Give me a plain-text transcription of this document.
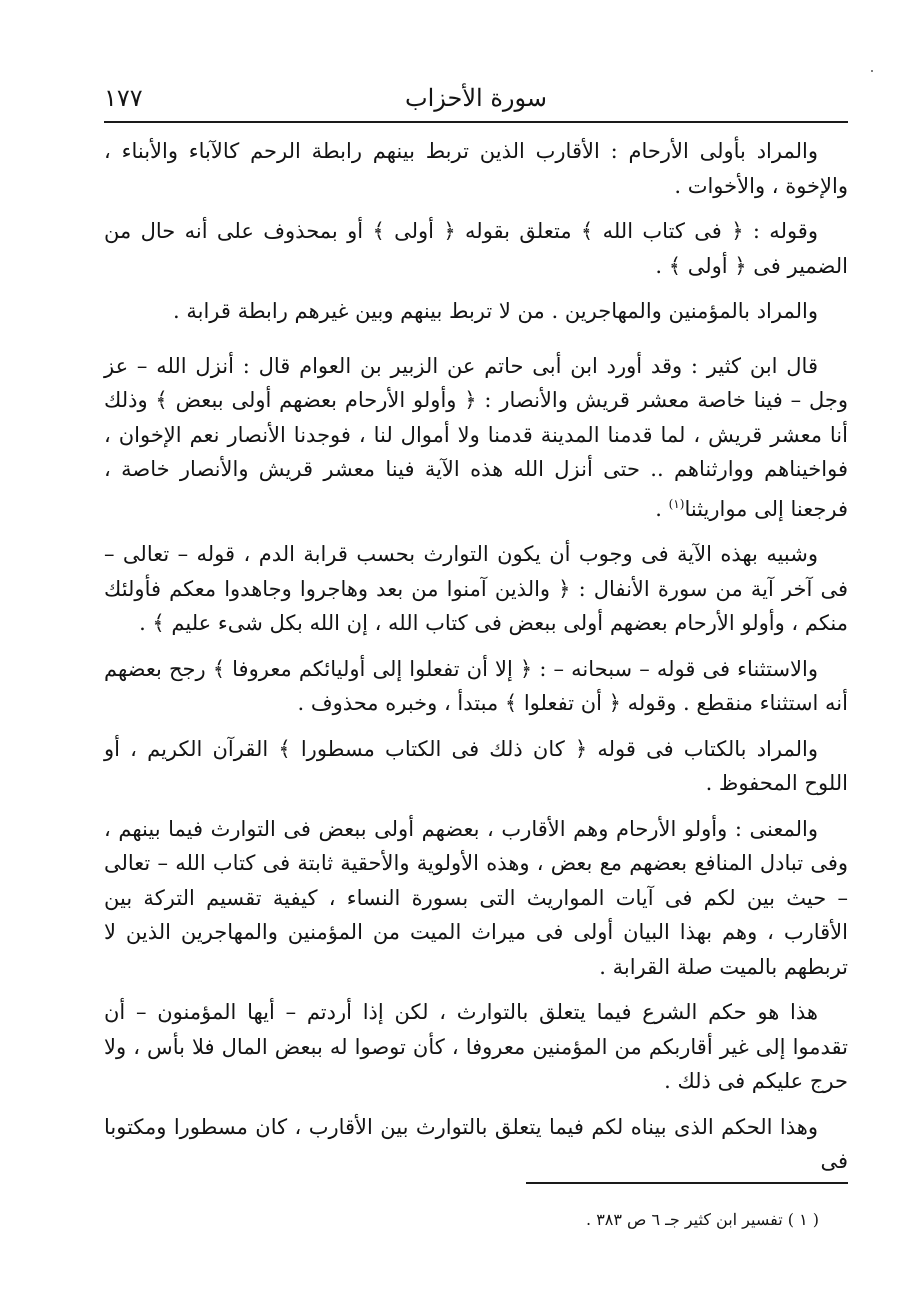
١٧٧	سورة الأحزاب

والمراد بأولى الأرحام : الأقارب الذين تربط بينهم رابطة الرحم كالآباء والأبناء ، والإخوة ، والأخوات .

وقوله : ﴿ فى كتاب الله ﴾ متعلق بقوله ﴿ أولى ﴾ أو بمحذوف على أنه حال من الضمير فى ﴿ أولى ﴾ .

والمراد بالمؤمنين والمهاجرين . من لا تربط بينهم وبين غيرهم رابطة قرابة .

قال ابن كثير : وقد أورد ابن أبى حاتم عن الزبير بن العوام قال : أنزل الله – عز وجل – فينا خاصة معشر قريش والأنصار : ﴿ وأولو الأرحام بعضهم أولى ببعض ﴾ وذلك أنا معشر قريش ، لما قدمنا المدينة قدمنا ولا أموال لنا ، فوجدنا الأنصار نعم الإخوان ، فواخيناهم ووارثناهم .. حتى أنزل الله هذه الآية فينا معشر قريش والأنصار خاصة ، فرجعنا إلى مواريثنا$^{(١)}$ .

وشبيه بهذه الآية فى وجوب أن يكون التوارث بحسب قرابة الدم ، قوله – تعالى – فى آخر آية من سورة الأنفال : ﴿ والذين آمنوا من بعد وهاجروا وجاهدوا معكم فأولئك منكم ، وأولو الأرحام بعضهم أولى ببعض فى كتاب الله ، إن الله بكل شىء عليم ﴾ .

والاستثناء فى قوله – سبحانه – : ﴿ إلا أن تفعلوا إلى أوليائكم معروفا ﴾ رجح بعضهم أنه استثناء منقطع . وقوله ﴿ أن تفعلوا ﴾ مبتدأ ، وخبره محذوف .

والمراد بالكتاب فى قوله ﴿ كان ذلك فى الكتاب مسطورا ﴾ القرآن الكريم ، أو اللوح المحفوظ .

والمعنى : وأولو الأرحام وهم الأقارب ، بعضهم أولى ببعض فى التوارث فيما بينهم ، وفى تبادل المنافع بعضهم مع بعض ، وهذه الأولوية والأحقية ثابتة فى كتاب الله – تعالى – حيث بين لكم فى آيات المواريث التى بسورة النساء ، كيفية تقسيم التركة بين الأقارب ، وهم بهذا البيان أولى فى ميراث الميت من المؤمنين والمهاجرين الذين لا تربطهم بالميت صلة القرابة .

هذا هو حكم الشرع فيما يتعلق بالتوارث ، لكن إذا أردتم – أيها المؤمنون – أن تقدموا إلى غير أقاربكم من المؤمنين معروفا ، كأن توصوا له ببعض المال فلا بأس ، ولا حرج عليكم فى ذلك .

وهذا الحكم الذى بيناه لكم فيما يتعلق بالتوارث بين الأقارب ، كان مسطورا ومكتوبا فى

( ١ ) تفسير ابن كثير جـ ٦ ص ٣٨٣ .
